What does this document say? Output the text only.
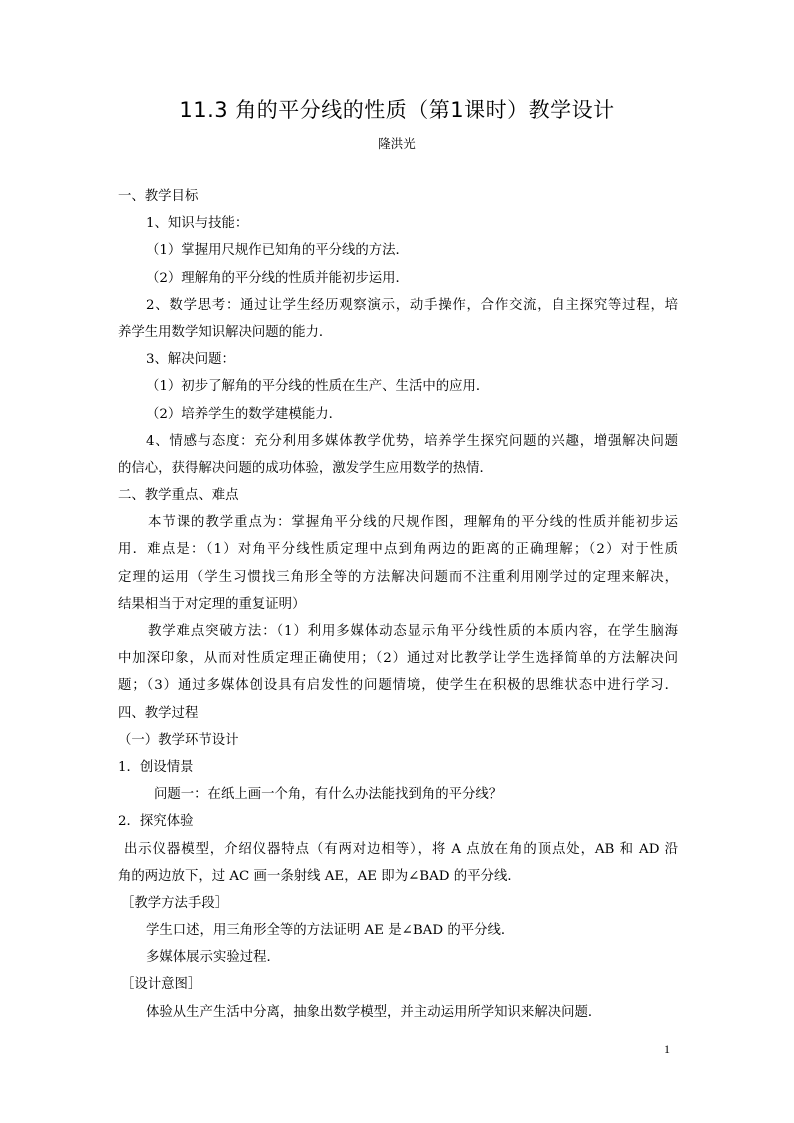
11.3 角的平分线的性质（第1课时）教学设计
隆洪光
一、教学目标
1、知识与技能：
（1）掌握用尺规作已知角的平分线的方法．
（2）理解角的平分线的性质并能初步运用．
2、数学思考：通过让学生经历观察演示，动手操作，合作交流，自主探究等过程，培
养学生用数学知识解决问题的能力．
3、解决问题：
（1）初步了解角的平分线的性质在生产、生活中的应用．
（2）培养学生的数学建模能力．
4、情感与态度：充分利用多媒体教学优势，培养学生探究问题的兴趣，增强解决问题
的信心，获得解决问题的成功体验，激发学生应用数学的热情．
二、教学重点、难点
本节课的教学重点为：掌握角平分线的尺规作图，理解角的平分线的性质并能初步运
用．难点是：（1）对角平分线性质定理中点到角两边的距离的正确理解；（2）对于性质
定理的运用（学生习惯找三角形全等的方法解决问题而不注重利用刚学过的定理来解决，
结果相当于对定理的重复证明）
教学难点突破方法：（1）利用多媒体动态显示角平分线性质的本质内容，在学生脑海
中加深印象，从而对性质定理正确使用；（2）通过对比教学让学生选择简单的方法解决问
题；（3）通过多媒体创设具有启发性的问题情境，使学生在积极的思维状态中进行学习．
四、教学过程
（一）教学环节设计
1．创设情景
问题一：在纸上画一个角，有什么办法能找到角的平分线？
2．探究体验
出示仪器模型，介绍仪器特点（有两对边相等），将 A 点放在角的顶点处，AB 和 AD 沿
角的两边放下，过 AC 画一条射线 AE，AE 即为∠BAD 的平分线．
［教学方法手段］
学生口述，用三角形全等的方法证明 AE 是∠BAD 的平分线．
多媒体展示实验过程．
［设计意图］
体验从生产生活中分离，抽象出数学模型，并主动运用所学知识来解决问题．
1
